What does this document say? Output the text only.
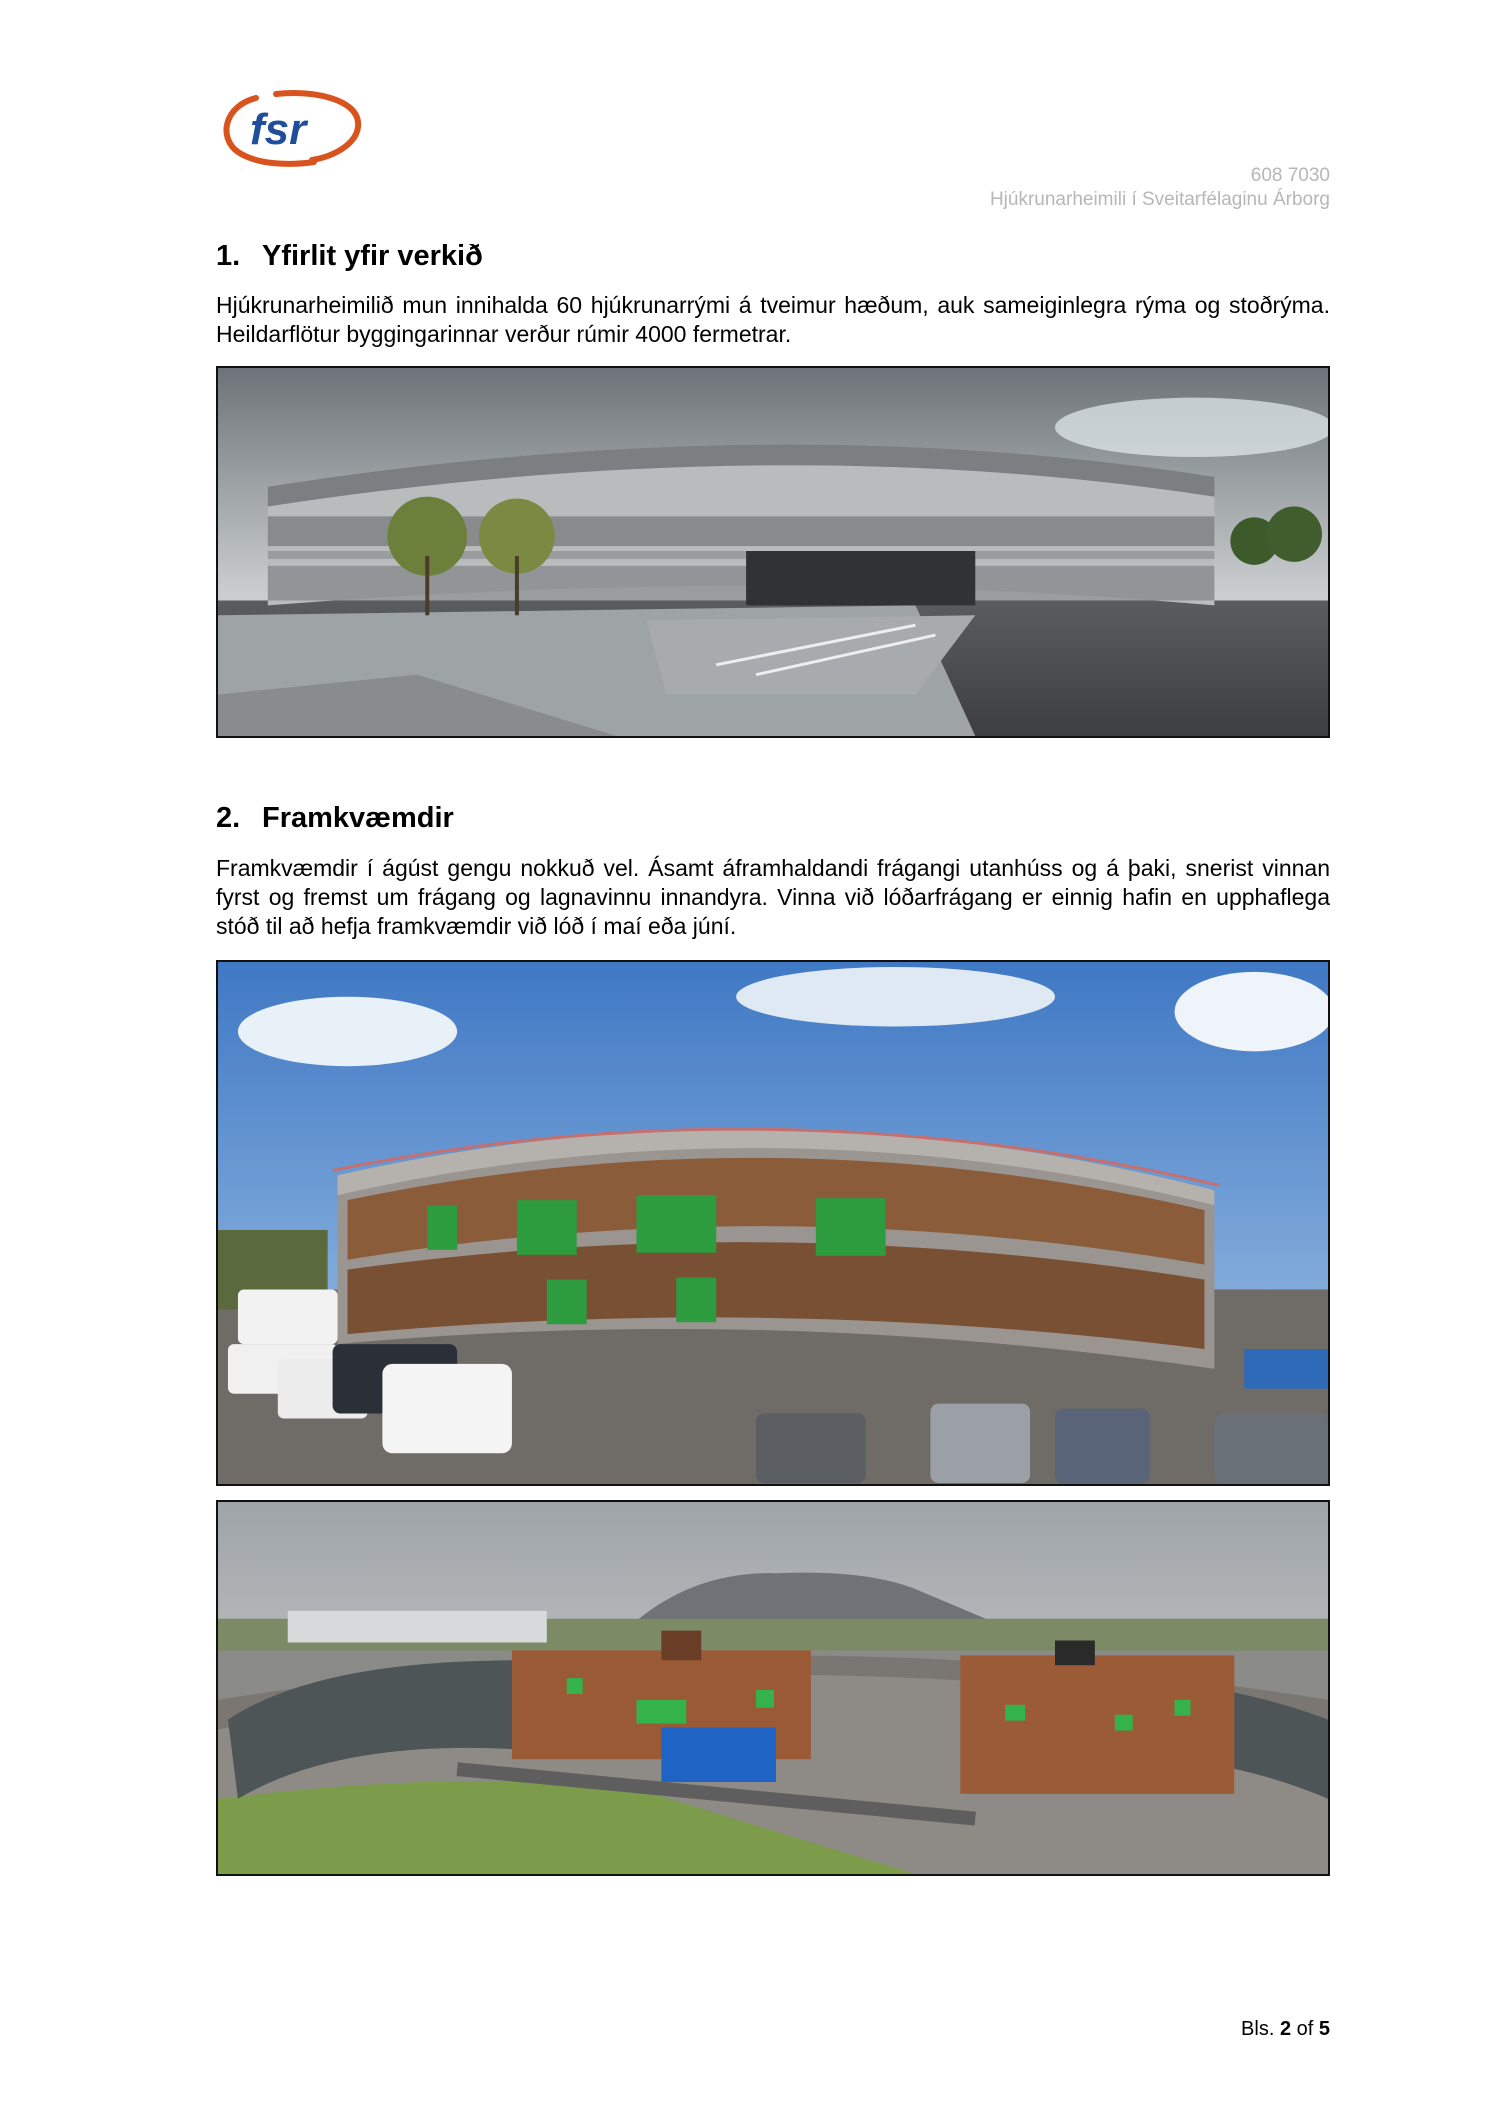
fsr
608 7030
Hjúkrunarheimili í Sveitarfélaginu Árborg
1. Yfirlit yfir verkið

Hjúkrunarheimilið mun innihalda 60 hjúkrunarrými á tveimur hæðum, auk sameiginlegra rýma og stoðrýma. Heildarflötur byggingarinnar verður rúmir 4000 fermetrar.

2. Framkvæmdir

Framkvæmdir í ágúst gengu nokkuð vel. Ásamt áframhaldandi frágangi utanhúss og á þaki, snerist vinnan fyrst og fremst um frágang og lagnavinnu innandyra. Vinna við lóðarfrágang er einnig hafin en upphaflega stóð til að hefja framkvæmdir við lóð í maí eða júní.

Bls. 2 of 5
